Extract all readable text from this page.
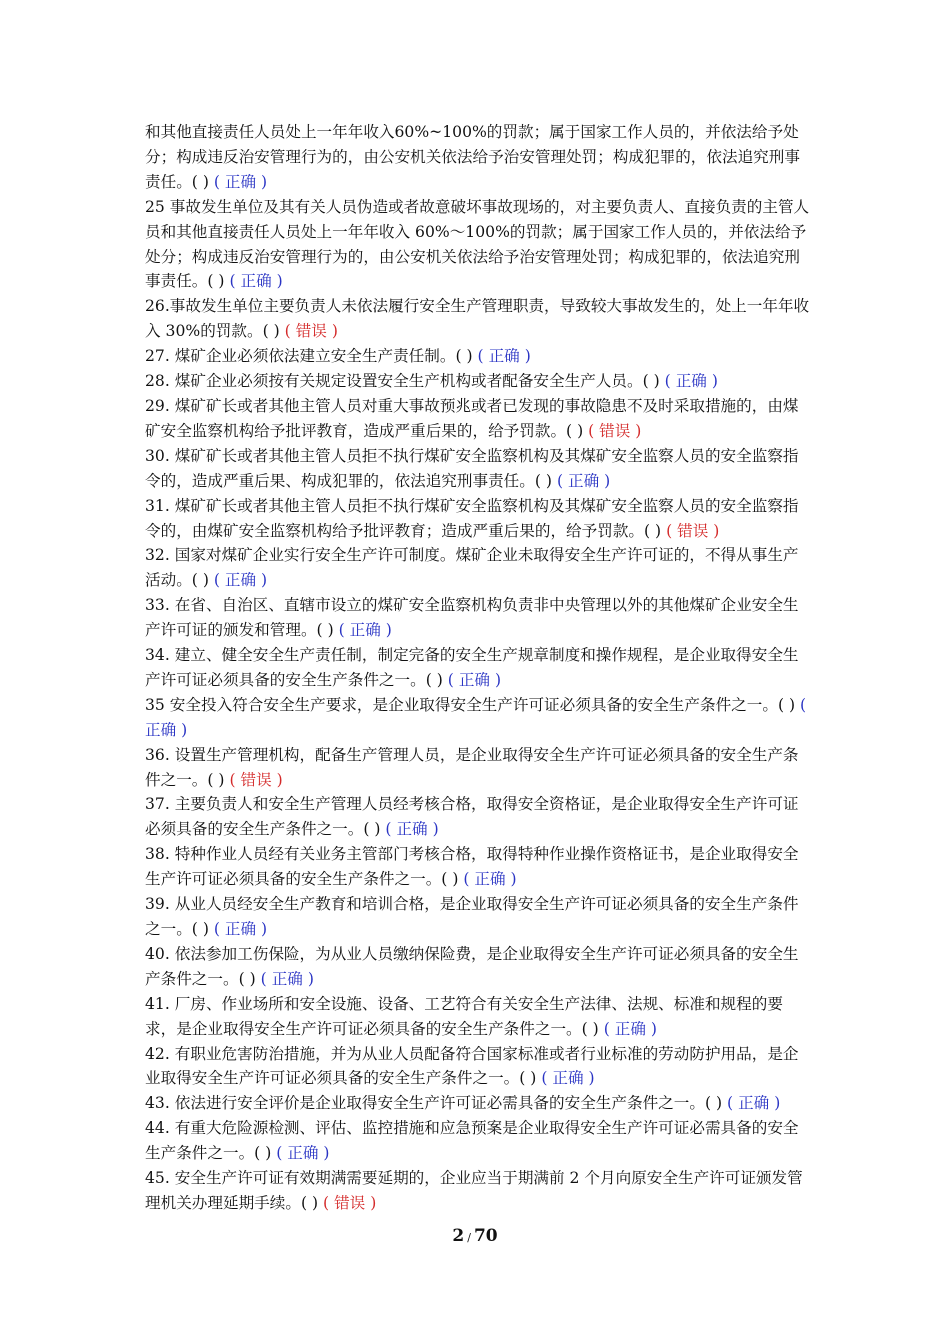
和其他直接责任人员处上一年年收入60%~100%的罚款；属于国家工作人员的，并依法给予处分；构成违反治安管理行为的，由公安机关依法给予治安管理处罚；构成犯罪的，依法追究刑事责任。( ) ( 正确 )

25 事故发生单位及其有关人员伪造或者故意破坏事故现场的，对主要负责人、直接负责的主管人员和其他直接责任人员处上一年年收入 60%～100%的罚款；属于国家工作人员的，并依法给予处分；构成违反治安管理行为的，由公安机关依法给予治安管理处罚；构成犯罪的，依法追究刑事责任。( ) ( 正确 )

26.事故发生单位主要负责人未依法履行安全生产管理职责，导致较大事故发生的，处上一年年收入 30%的罚款。( ) ( 错误 )

27. 煤矿企业必须依法建立安全生产责任制。( ) ( 正确 )

28. 煤矿企业必须按有关规定设置安全生产机构或者配备安全生产人员。( ) ( 正确 )

29. 煤矿矿长或者其他主管人员对重大事故预兆或者已发现的事故隐患不及时采取措施的，由煤矿安全监察机构给予批评教育，造成严重后果的，给予罚款。( ) ( 错误 )

30. 煤矿矿长或者其他主管人员拒不执行煤矿安全监察机构及其煤矿安全监察人员的安全监察指令的，造成严重后果、构成犯罪的，依法追究刑事责任。( ) ( 正确 )

31. 煤矿矿长或者其他主管人员拒不执行煤矿安全监察机构及其煤矿安全监察人员的安全监察指令的，由煤矿安全监察机构给予批评教育；造成严重后果的，给予罚款。( ) ( 错误 )

32. 国家对煤矿企业实行安全生产许可制度。煤矿企业未取得安全生产许可证的，不得从事生产活动。( ) ( 正确 )

33. 在省、自治区、直辖市设立的煤矿安全监察机构负责非中央管理以外的其他煤矿企业安全生产许可证的颁发和管理。( ) ( 正确 )

34. 建立、健全安全生产责任制，制定完备的安全生产规章制度和操作规程，是企业取得安全生产许可证必须具备的安全生产条件之一。( ) ( 正确 )

35 安全投入符合安全生产要求，是企业取得安全生产许可证必须具备的安全生产条件之一。( ) ( 正确 )

36. 设置生产管理机构，配备生产管理人员，是企业取得安全生产许可证必须具备的安全生产条件之一。( ) ( 错误 )

37. 主要负责人和安全生产管理人员经考核合格，取得安全资格证，是企业取得安全生产许可证必须具备的安全生产条件之一。( ) ( 正确 )

38. 特种作业人员经有关业务主管部门考核合格，取得特种作业操作资格证书，是企业取得安全生产许可证必须具备的安全生产条件之一。( ) ( 正确 )

39. 从业人员经安全生产教育和培训合格，是企业取得安全生产许可证必须具备的安全生产条件之一。( ) ( 正确 )

40. 依法参加工伤保险，为从业人员缴纳保险费，是企业取得安全生产许可证必须具备的安全生产条件之一。( ) ( 正确 )

41. 厂房、作业场所和安全设施、设备、工艺符合有关安全生产法律、法规、标准和规程的要求，是企业取得安全生产许可证必须具备的安全生产条件之一。( ) ( 正确 )

42. 有职业危害防治措施，并为从业人员配备符合国家标准或者行业标准的劳动防护用品，是企业取得安全生产许可证必须具备的安全生产条件之一。( ) ( 正确 )

43. 依法进行安全评价是企业取得安全生产许可证必需具备的安全生产条件之一。( ) ( 正确 )

44. 有重大危险源检测、评估、监控措施和应急预案是企业取得安全生产许可证必需具备的安全生产条件之一。( ) ( 正确 )

45. 安全生产许可证有效期满需要延期的，企业应当于期满前 2 个月向原安全生产许可证颁发管理机关办理延期手续。( ) ( 错误 )

2 / 70
